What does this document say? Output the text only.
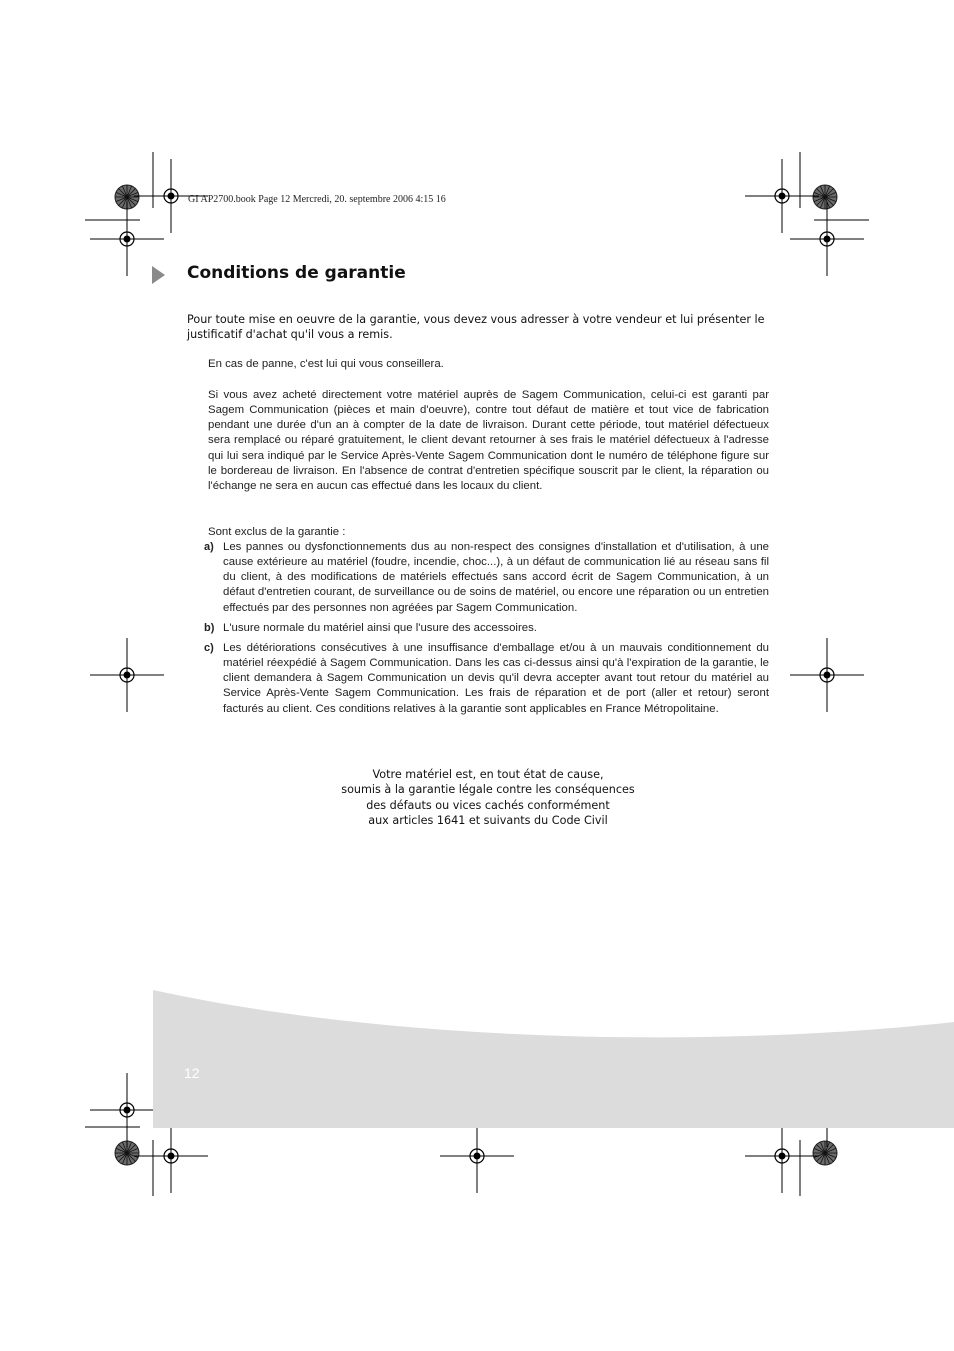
GI AP2700.book Page 12 Mercredi, 20. septembre 2006 4:15 16
Conditions de garantie
Pour toute mise en oeuvre de la garantie, vous devez vous adresser à votre vendeur et lui présenter le justificatif d'achat qu'il vous a remis.
En cas de panne, c'est lui qui vous conseillera.
Si vous avez acheté directement votre matériel auprès de Sagem Communication, celui-ci est garanti par Sagem Communication (pièces et main d'oeuvre), contre tout défaut de matière et tout vice de fabrication pendant une durée d'un an à compter de la date de livraison. Durant cette période, tout matériel défectueux sera remplacé ou réparé gratuitement, le client devant retourner à ses frais le matériel défectueux à l'adresse qui lui sera indiqué par le Service Après-Vente Sagem Communication dont le numéro de téléphone figure sur le bordereau de livraison. En l'absence de contrat d'entretien spécifique souscrit par le client, la réparation ou l'échange ne sera en aucun cas effectué dans les locaux du client.
Sont exclus de la garantie :
a) Les pannes ou dysfonctionnements dus au non-respect des consignes d'installation et d'utilisation, à une cause extérieure au matériel (foudre, incendie, choc...), à un défaut de communication lié au réseau sans fil du client, à des modifications de matériels effectués sans accord écrit de Sagem Communication, à un défaut d'entretien courant, de surveillance ou de soins de matériel, ou encore une réparation ou un entretien effectués par des personnes non agréées par Sagem Communication.
b) L'usure normale du matériel ainsi que l'usure des accessoires.
c) Les détériorations consécutives à une insuffisance d'emballage et/ou à un mauvais conditionnement du matériel réexpédié à Sagem Communication. Dans les cas ci-dessus ainsi qu'à l'expiration de la garantie, le client demandera à Sagem Communication un devis qu'il devra accepter avant tout retour du matériel au Service Après-Vente Sagem Communication. Les frais de réparation et de port (aller et retour) seront facturés au client. Ces conditions relatives à la garantie sont applicables en France Métropolitaine.
Votre matériel est, en tout état de cause,
soumis à la garantie légale contre les conséquences
des défauts ou vices cachés conformément
aux articles 1641 et suivants du Code Civil
12
